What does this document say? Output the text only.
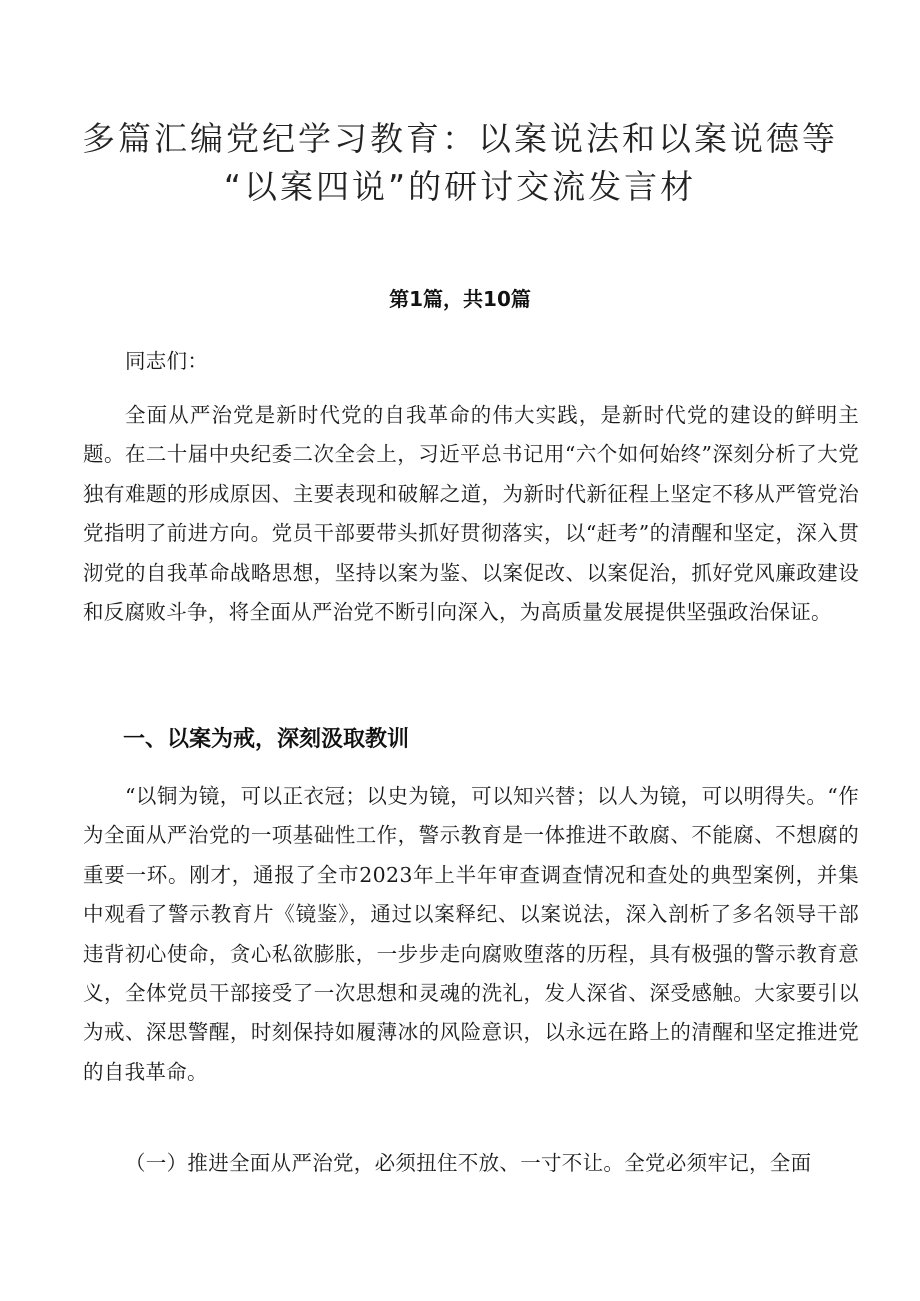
多篇汇编党纪学习教育：以案说法和以案说德等
“以案四说”的研讨交流发言材
第1篇，共10篇

同志们：

全面从严治党是新时代党的自我革命的伟大实践，是新时代党的建设的鲜明主题。在二十届中央纪委二次全会上，习近平总书记用“六个如何始终”深刻分析了大党独有难题的形成原因、主要表现和破解之道，为新时代新征程上坚定不移从严管党治党指明了前进方向。党员干部要带头抓好贯彻落实，以“赶考”的清醒和坚定，深入贯沏党的自我革命战略思想，坚持以案为鉴、以案促改、以案促治，抓好党风廉政建设和反腐败斗争，将全面从严治党不断引向深入，为高质量发展提供坚强政治保证。

一、以案为戒，深刻汲取教训

“以铜为镜，可以正衣冠；以史为镜，可以知兴替；以人为镜，可以明得失。“作为全面从严治党的一项基础性工作，警示教育是一体推进不敢腐、不能腐、不想腐的重要一环。刚才，通报了全市2023年上半年审查调查情况和查处的典型案例，并集中观看了警示教育片《镜鉴》，通过以案释纪、以案说法，深入剖析了多名领导干部违背初心使命，贪心私欲膨胀，一步步走向腐败堕落的历程，具有极强的警示教育意义，全体党员干部接受了一次思想和灵魂的洗礼，发人深省、深受感触。大家要引以为戒、深思警醒，时刻保持如履薄冰的风险意识，以永远在路上的清醒和坚定推进党的自我革命。

（一）推进全面从严治党，必须扭住不放、一寸不让。全党必须牢记，全面
